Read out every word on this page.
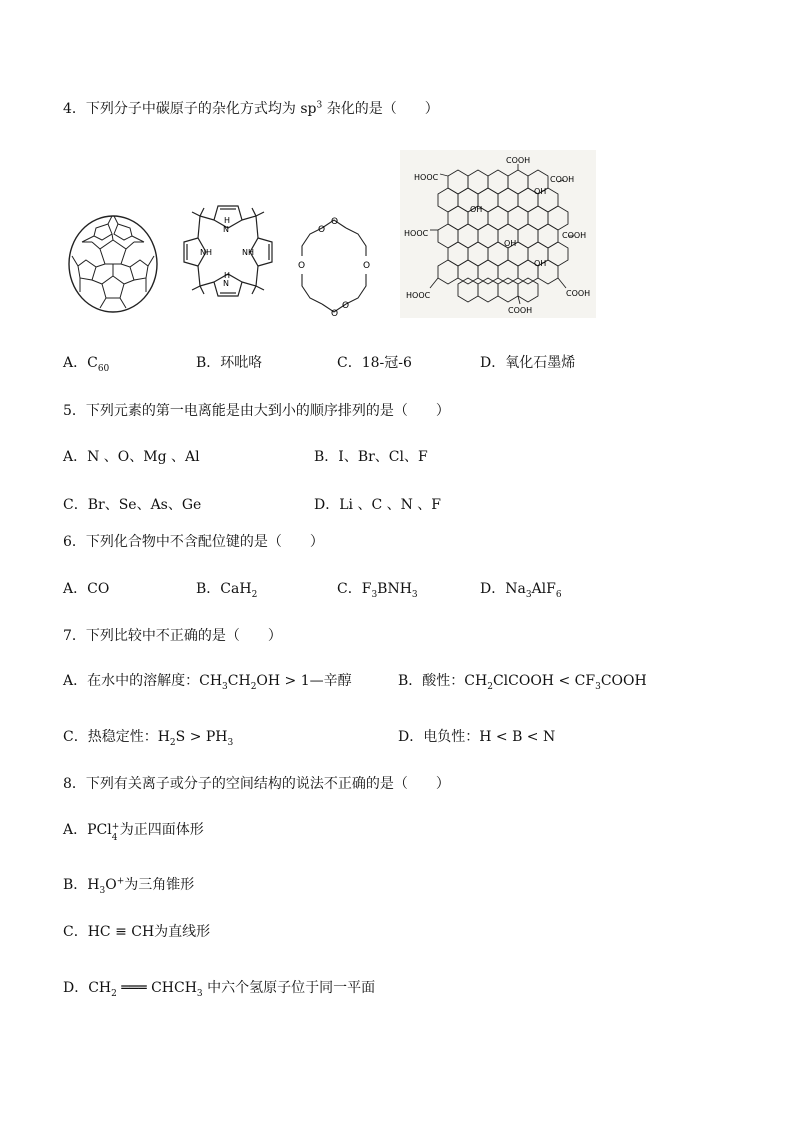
4．下列分子中碳原子的杂化方式均为 $sp^3$ 杂化的是（　　）
H
N
NH	NH
H
N
O
O
O
O
O
O
COOH
HOOC	COOH
OH
OH
HOOC	COOH
OH
OH
HOOC	COOH
COOH
A．$C_{60}$	B．环吡咯	C．18-冠-6	D．氧化石墨烯
5．下列元素的第一电离能是由大到小的顺序排列的是（　　）
A．N 、O、Mg 、Al	B．I、Br、Cl、F
C．Br、Se、As、Ge	D．Li 、C 、N 、F
6．下列化合物中不含配位键的是（　　）
A．CO	B．CaH$_2$	C．$F_3BNH_3$	D．$Na_3AlF_6$
7．下列比较中不正确的是（　　）
A．在水中的溶解度：$CH_3CH_2OH$ > 1—辛醇	B．酸性：$CH_2ClCOOH$ < $CF_3COOH$
C．热稳定性：$H_2S > PH_3$	D．电负性：H < B < N
8．下列有关离子或分子的空间结构的说法不正确的是（　　）
A．PCl +
4 为正四面体形
B．$H_3O^+$为三角锥形
C．HC ≡ CH为直线形
D．$CH_2$ ═══ $CHCH_3$ 中六个氢原子位于同一平面
